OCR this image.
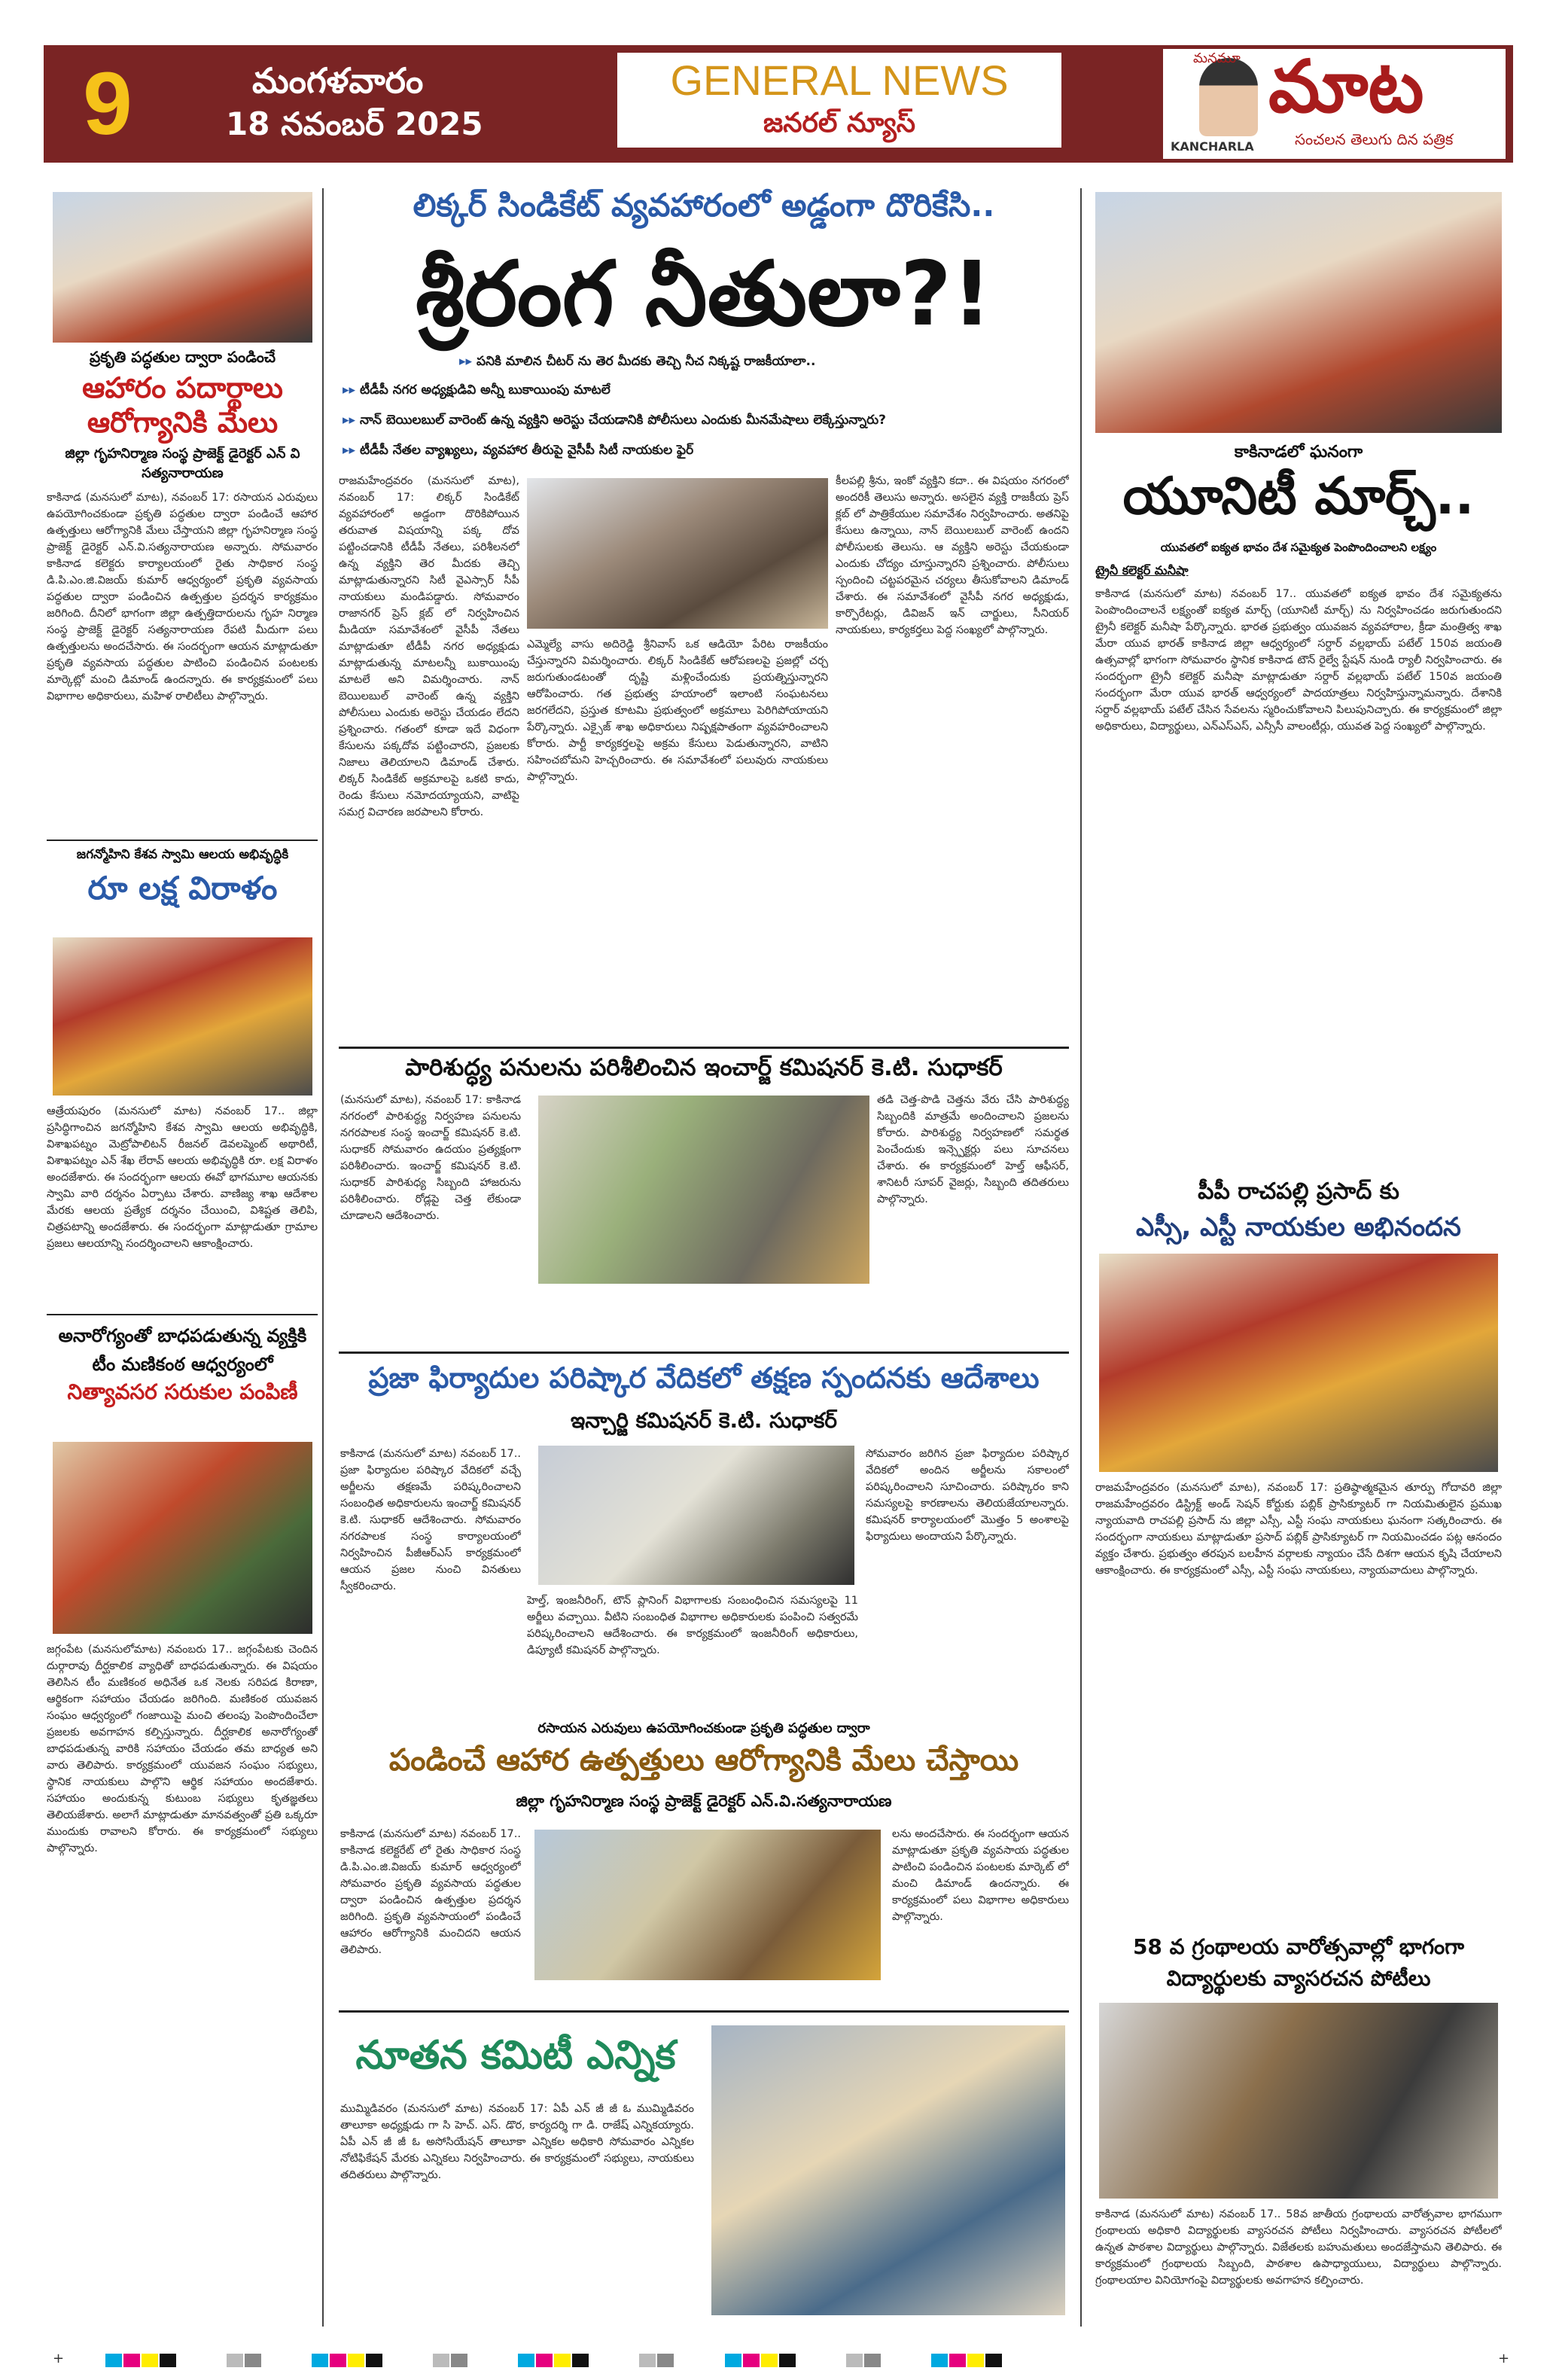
9	మంగళవారం
18 నవంబర్ 2025
GENERAL NEWS
జనరల్ న్యూస్
మనమూ మాట
KANCHARLA	సంచలన తెలుగు దిన పత్రిక
ప్రకృతి పద్ధతుల ద్వారా పండించే
ఆహారం పదార్థాలు ఆరోగ్యానికి మేలు
జిల్లా గృహనిర్మాణ సంస్థ ప్రాజెక్ట్ డైరెక్టర్ ఎన్ వి సత్యనారాయణ
కాకినాడ (మనసులో మాట), నవంబర్ 17: రసాయన ఎరువులు ఉపయోగించకుండా ప్రకృతి పద్ధతుల ద్వారా పండించే ఆహార ఉత్పత్తులు ఆరోగ్యానికి మేలు చేస్తాయని జిల్లా గృహనిర్మాణ సంస్థ ప్రాజెక్ట్ డైరెక్టర్ ఎన్.వి.సత్యనారాయణ అన్నారు. సోమవారం కాకినాడ కలెక్టరు కార్యాలయంలో రైతు సాధికార సంస్థ డి.పి.ఎం.జి.విజయ్ కుమార్ ఆధ్వర్యంలో ప్రకృతి వ్యవసాయ పద్ధతుల ద్వారా పండించిన ఉత్పత్తుల ప్రదర్శన కార్యక్రమం జరిగింది. దీనిలో భాగంగా జిల్లా ఉత్పత్తిదారులను గృహ నిర్మాణ సంస్థ ప్రాజెక్ట్ డైరెక్టర్ సత్యనారాయణ రేపటి మీదుగా పలు ఉత్పత్తులను అందచేసారు. ఈ సందర్భంగా ఆయన మాట్లాడుతూ ప్రకృతి వ్యవసాయ పద్ధతుల పాటించి పండించిన పంటలకు మార్కెట్లో మంచి డిమాండ్ ఉందన్నారు. ఈ కార్యక్రమంలో పలు విభాగాల అధికారులు, మహిళ రాలిటీలు పాల్గొన్నారు.
జగన్మోహిని కేశవ స్వామి ఆలయ అభివృద్ధికి
రూ లక్ష విరాళం
ఆత్రేయపురం (మనసులో మాట) నవంబర్ 17.. జిల్లా ప్రసిద్ధిగాంచిన జగన్మోహిని కేశవ స్వామి ఆలయ అభివృద్ధికి, విశాఖపట్నం మెట్రోపాలిటన్ రీజనల్ డెవలప్మెంట్ అథారిటీ, విశాఖపట్నం ఎన్ శేఖ లేరావ్ ఆలయ అభివృద్ధికి రూ. లక్ష విరాళం అందజేశారు. ఈ సందర్భంగా ఆలయ ఈవో భాగమూల ఆయనకు స్వామి వారి దర్శనం ఏర్పాటు చేశారు. వాణిజ్య శాఖ ఆదేశాల మేరకు ఆలయ ప్రత్యేక దర్శనం చేయించి, విశిష్టత తెలిపి, చిత్రపటాన్ని అందజేశారు. ఈ సందర్భంగా మాట్లాడుతూ గ్రామాల ప్రజలు ఆలయాన్ని సందర్శించాలని ఆకాంక్షించారు.
అనారోగ్యంతో బాధపడుతున్న వ్యక్తికి టీం మణికంఠ ఆధ్వర్యంలో
నిత్యావసర సరుకుల పంపిణీ
జగ్గంపేట (మనసులోమాట) నవంబరు 17.. జగ్గంపేటకు చెందిన దుర్గారావు దీర్ఘకాలిక వ్యాధితో బాధపడుతున్నారు. ఈ విషయం తెలిసిన టీం మణికంఠ అధినేత ఒక నెలకు సరిపడ కిరాణా, ఆర్థికంగా సహాయం చేయడం జరిగింది. మణికంఠ యువజన సంఘం ఆధ్వర్యంలో గంజాయిపై మంచి తలంపు పెంపొందించేలా ప్రజలకు అవగాహన కల్పిస్తున్నారు. దీర్ఘకాలిక అనారోగ్యంతో బాధపడుతున్న వారికి సహాయం చేయడం తమ బాధ్యత అని వారు తెలిపారు. కార్యక్రమంలో యువజన సంఘం సభ్యులు, స్థానిక నాయకులు పాల్గొని ఆర్థిక సహాయం అందజేశారు. సహాయం అందుకున్న కుటుంబ సభ్యులు కృతజ్ఞతలు తెలియజేశారు. అలాగే మాట్లాడుతూ మానవత్వంతో ప్రతి ఒక్కరూ ముందుకు రావాలని కోరారు. ఈ కార్యక్రమంలో సభ్యులు పాల్గొన్నారు.
లిక్కర్ సిండికేట్ వ్యవహారంలో అడ్డంగా దొరికేసి..
శ్రీరంగ నీతులా?!
▸▸ పనికి మాలిన చీటర్ ను తెర మీదకు తెచ్చి నీచ నిక్కష్ట రాజకీయాలా..
▸▸ టీడీపీ నగర అధ్యక్షుడివి అన్నీ బుకాయింపు మాటలే
▸▸ నాన్ బెయిలబుల్ వారెంట్ ఉన్న వ్యక్తిని అరెస్టు చేయడానికి పోలీసులు ఎందుకు మీనమేషాలు లెక్కేస్తున్నారు?
▸▸ టీడీపీ నేతల వ్యాఖ్యలు, వ్యవహార తీరుపై వైసీపీ సిటీ నాయకుల ఫైర్
రాజమహేంద్రవరం (మనసులో మాట), నవంబర్ 17: లిక్కర్ సిండికేట్ వ్యవహారంలో అడ్డంగా దొరికిపోయిన తరువాత విషయాన్ని పక్క దోవ పట్టించడానికి టీడీపీ నేతలు, పరిశీలనలో ఉన్న వ్యక్తిని తెర మీదకు తెచ్చి మాట్లాడుతున్నారని సిటీ వైఎస్సార్ సీపీ నాయకులు మండిపడ్డారు. సోమవారం రాజానగర్ ప్రెస్ క్లబ్ లో నిర్వహించిన మీడియా సమావేశంలో వైసీపీ నేతలు మాట్లాడుతూ టీడీపీ నగర అధ్యక్షుడు మాట్లాడుతున్న మాటలన్నీ బుకాయింపు మాటలే అని విమర్శించారు. నాన్ బెయిలబుల్ వారెంట్ ఉన్న వ్యక్తిని పోలీసులు ఎందుకు అరెస్టు చేయడం లేదని ప్రశ్నించారు. గతంలో కూడా ఇదే విధంగా కేసులను పక్కదోవ పట్టించారని, ప్రజలకు నిజాలు తెలియాలని డిమాండ్ చేశారు. లిక్కర్ సిండికేట్ అక్రమాలపై ఒకటి కాదు, రెండు కేసులు నమోదయ్యాయని, వాటిపై సమగ్ర విచారణ జరపాలని కోరారు.
ఎమ్మెల్యే వాసు అదిరెడ్డి శ్రీనివాస్ ఒక ఆడియో పేరిట రాజకీయం చేస్తున్నారని విమర్శించారు. లిక్కర్ సిండికేట్ ఆరోపణలపై ప్రజల్లో చర్చ జరుగుతుండటంతో దృష్టి మళ్లించేందుకు ప్రయత్నిస్తున్నారని ఆరోపించారు. గత ప్రభుత్వ హయాంలో ఇలాంటి సంఘటనలు జరగలేదని, ప్రస్తుత కూటమి ప్రభుత్వంలో అక్రమాలు పెరిగిపోయాయని పేర్కొన్నారు. ఎక్సైజ్ శాఖ అధికారులు నిష్పక్షపాతంగా వ్యవహరించాలని కోరారు. పార్టీ కార్యకర్తలపై అక్రమ కేసులు పెడుతున్నారని, వాటిని సహించబోమని హెచ్చరించారు. ఈ సమావేశంలో పలువురు నాయకులు పాల్గొన్నారు.
కీలపల్లి శ్రీను, ఇంకో వ్యక్తిని కదా.. ఈ విషయం నగరంలో అందరికీ తెలుసు అన్నారు. అసలైన వ్యక్తి రాజకీయ ప్రెస్ క్లబ్ లో పాత్రికేయుల సమావేశం నిర్వహించారు. అతనిపై కేసులు ఉన్నాయి, నాన్ బెయిలబుల్ వారెంట్ ఉందని పోలీసులకు తెలుసు. ఆ వ్యక్తిని అరెస్టు చేయకుండా ఎందుకు చోద్యం చూస్తున్నారని ప్రశ్నించారు. పోలీసులు స్పందించి చట్టపరమైన చర్యలు తీసుకోవాలని డిమాండ్ చేశారు. ఈ సమావేశంలో వైసీపీ నగర అధ్యక్షుడు, కార్పొరేటర్లు, డివిజన్ ఇన్ చార్జులు, సీనియర్ నాయకులు, కార్యకర్తలు పెద్ద సంఖ్యలో పాల్గొన్నారు.
పారిశుద్ధ్య పనులను పరిశీలించిన ఇంచార్జ్ కమిషనర్ కె.టి. సుధాకర్
(మనసులో మాట), నవంబర్ 17: కాకినాడ నగరంలో పారిశుద్ధ్య నిర్వహణ పనులను నగరపాలక సంస్థ ఇంచార్జ్ కమిషనర్ కె.టి. సుధాకర్ సోమవారం ఉదయం ప్రత్యక్షంగా పరిశీలించారు. ఇంచార్జ్ కమిషనర్ కె.టి. సుధాకర్ పారిశుధ్య సిబ్బంది హాజరును పరిశీలించారు. రోడ్లపై చెత్త లేకుండా చూడాలని ఆదేశించారు.
తడి చెత్త-పొడి చెత్తను వేరు చేసి పారిశుద్ధ్య సిబ్బందికి మాత్రమే అందించాలని ప్రజలను కోరారు. పారిశుద్ధ్య నిర్వహణలో సమర్థత పెంచేందుకు ఇన్స్పెక్టర్లు పలు సూచనలు చేశారు. ఈ కార్యక్రమంలో హెల్త్ ఆఫీసర్, శానిటరీ సూపర్ వైజర్లు, సిబ్బంది తదితరులు పాల్గొన్నారు.
ప్రజా ఫిర్యాదుల పరిష్కార వేదికలో తక్షణ స్పందనకు ఆదేశాలు
ఇన్చార్జి కమిషనర్ కె.టి. సుధాకర్
కాకినాడ (మనసులో మాట) నవంబర్ 17.. ప్రజా ఫిర్యాదుల పరిష్కార వేదికలో వచ్చే అర్జీలను తక్షణమే పరిష్కరించాలని సంబంధిత అధికారులను ఇంచార్జ్ కమిషనర్ కె.టి. సుధాకర్ ఆదేశించారు. సోమవారం నగరపాలక సంస్థ కార్యాలయంలో నిర్వహించిన పీజీఆర్ఎస్ కార్యక్రమంలో ఆయన ప్రజల నుంచి వినతులు స్వీకరించారు.
హెల్త్, ఇంజనీరింగ్, టౌన్ ప్లానింగ్ విభాగాలకు సంబంధించిన సమస్యలపై 11 అర్జీలు వచ్చాయి. వీటిని సంబంధిత విభాగాల అధికారులకు పంపించి సత్వరమే పరిష్కరించాలని ఆదేశించారు. ఈ కార్యక్రమంలో ఇంజనీరింగ్ అధికారులు, డిప్యూటీ కమిషనర్ పాల్గొన్నారు.
సోమవారం జరిగిన ప్రజా ఫిర్యాదుల పరిష్కార వేదికలో అందిన అర్జీలను సకాలంలో పరిష్కరించాలని సూచించారు. పరిష్కారం కాని సమస్యలపై కారణాలను తెలియజేయాలన్నారు. కమిషనర్ కార్యాలయంలో మొత్తం 5 అంశాలపై ఫిర్యాదులు అందాయని పేర్కొన్నారు.
రసాయన ఎరువులు ఉపయోగించకుండా ప్రకృతి పద్ధతుల ద్వారా
పండించే ఆహార ఉత్పత్తులు ఆరోగ్యానికి మేలు చేస్తాయి
జిల్లా గృహనిర్మాణ సంస్థ ప్రాజెక్ట్ డైరెక్టర్ ఎన్.వి.సత్యనారాయణ
కాకినాడ (మనసులో మాట) నవంబర్ 17.. కాకినాడ కలెక్టరేట్ లో రైతు సాధికార సంస్థ డి.పి.ఎం.జి.విజయ్ కుమార్ ఆధ్వర్యంలో సోమవారం ప్రకృతి వ్యవసాయ పద్ధతుల ద్వారా పండించిన ఉత్పత్తుల ప్రదర్శన జరిగింది. ప్రకృతి వ్యవసాయంలో పండించే ఆహారం ఆరోగ్యానికి మంచిదని ఆయన తెలిపారు.
లను అందచేసారు. ఈ సందర్భంగా ఆయన మాట్లాడుతూ ప్రకృతి వ్యవసాయ పద్ధతుల పాటించి పండించిన పంటలకు మార్కెట్ లో మంచి డిమాండ్ ఉందన్నారు. ఈ కార్యక్రమంలో పలు విభాగాల అధికారులు పాల్గొన్నారు.
నూతన కమిటీ ఎన్నిక
ముమ్మిడివరం (మనసులో మాట) నవంబర్ 17: ఏపీ ఎన్ జీ జీ ఓ ముమ్మిడివరం తాలూకా అధ్యక్షుడు గా సి హెచ్. ఎస్. డొర, కార్యదర్శి గా డి. రాజేష్ ఎన్నికయ్యారు. ఏపీ ఎన్ జీ జీ ఓ అసోసియేషన్ తాలూకా ఎన్నికల అధికారి సోమవారం ఎన్నికల నోటిఫికేషన్ మేరకు ఎన్నికలు నిర్వహించారు. ఈ కార్యక్రమంలో సభ్యులు, నాయకులు తదితరులు పాల్గొన్నారు.
కాకినాడలో ఘనంగా
యూనిటీ మార్చ్..
యువతలో ఐక్యత భావం దేశ సమైక్యత పెంపొందించాలని లక్ష్యం
ట్రైనీ కలెక్టర్ మనీషా
కాకినాడ (మనసులో మాట) నవంబర్ 17.. యువతలో ఐక్యత భావం దేశ సమైక్యతను పెంపొందించాలనే లక్ష్యంతో ఐక్యత మార్చ్ (యూనిటీ మార్చ్) ను నిర్వహించడం జరుగుతుందని ట్రైనీ కలెక్టర్ మనీషా పేర్కొన్నారు. భారత ప్రభుత్వం యువజన వ్యవహారాల, క్రీడా మంత్రిత్వ శాఖ మేరా యువ భారత్ కాకినాడ జిల్లా ఆధ్వర్యంలో సర్దార్ వల్లభాయ్ పటేల్ 150వ జయంతి ఉత్సవాల్లో భాగంగా సోమవారం స్థానిక కాకినాడ టౌన్ రైల్వే స్టేషన్ నుండి ర్యాలీ నిర్వహించారు. ఈ సందర్భంగా ట్రైనీ కలెక్టర్ మనీషా మాట్లాడుతూ సర్దార్ వల్లభాయ్ పటేల్ 150వ జయంతి సందర్భంగా మేరా యువ భారత్ ఆధ్వర్యంలో పాదయాత్రలు నిర్వహిస్తున్నామన్నారు. దేశానికి సర్దార్ వల్లభాయ్ పటేల్ చేసిన సేవలను స్మరించుకోవాలని పిలుపునిచ్చారు. ఈ కార్యక్రమంలో జిల్లా అధికారులు, విద్యార్థులు, ఎన్ఎస్ఎస్, ఎన్సీసీ వాలంటీర్లు, యువత పెద్ద సంఖ్యలో పాల్గొన్నారు.
పీపీ రాచపల్లి ప్రసాద్ కు
ఎస్సీ, ఎస్టీ నాయకుల అభినందన
రాజమహేంద్రవరం (మనసులో మాట), నవంబర్ 17: ప్రతిష్ఠాత్మకమైన తూర్పు గోదావరి జిల్లా రాజమహేంద్రవరం డిస్ట్రిక్ట్ అండ్ సెషన్ కోర్టుకు పబ్లిక్ ప్రాసిక్యూటర్ గా నియమితులైన ప్రముఖ న్యాయవాది రాచపల్లి ప్రసాద్ ను జిల్లా ఎస్సీ, ఎస్టీ సంఘ నాయకులు ఘనంగా సత్కరించారు. ఈ సందర్భంగా నాయకులు మాట్లాడుతూ ప్రసాద్ పబ్లిక్ ప్రాసిక్యూటర్ గా నియమించడం పట్ల ఆనందం వ్యక్తం చేశారు. ప్రభుత్వం తరపున బలహీన వర్గాలకు న్యాయం చేసే దిశగా ఆయన కృషి చేయాలని ఆకాంక్షించారు. ఈ కార్యక్రమంలో ఎస్సీ, ఎస్టీ సంఘ నాయకులు, న్యాయవాదులు పాల్గొన్నారు.
58 వ గ్రంథాలయ వారోత్సవాల్లో భాగంగా విద్యార్థులకు వ్యాసరచన పోటీలు
కాకినాడ (మనసులో మాట) నవంబర్ 17.. 58వ జాతీయ గ్రంథాలయ వారోత్సవాల భాగముగా గ్రంథాలయ అధికారి విద్యార్థులకు వ్యాసరచన పోటీలు నిర్వహించారు. వ్యాసరచన పోటీలలో ఉన్నత పాఠశాల విద్యార్థులు పాల్గొన్నారు. విజేతలకు బహుమతులు అందజేస్తామని తెలిపారు. ఈ కార్యక్రమంలో గ్రంథాలయ సిబ్బంది, పాఠశాల ఉపాధ్యాయులు, విద్యార్థులు పాల్గొన్నారు. గ్రంథాలయాల వినియోగంపై విద్యార్థులకు అవగాహన కల్పించారు.
+	+
